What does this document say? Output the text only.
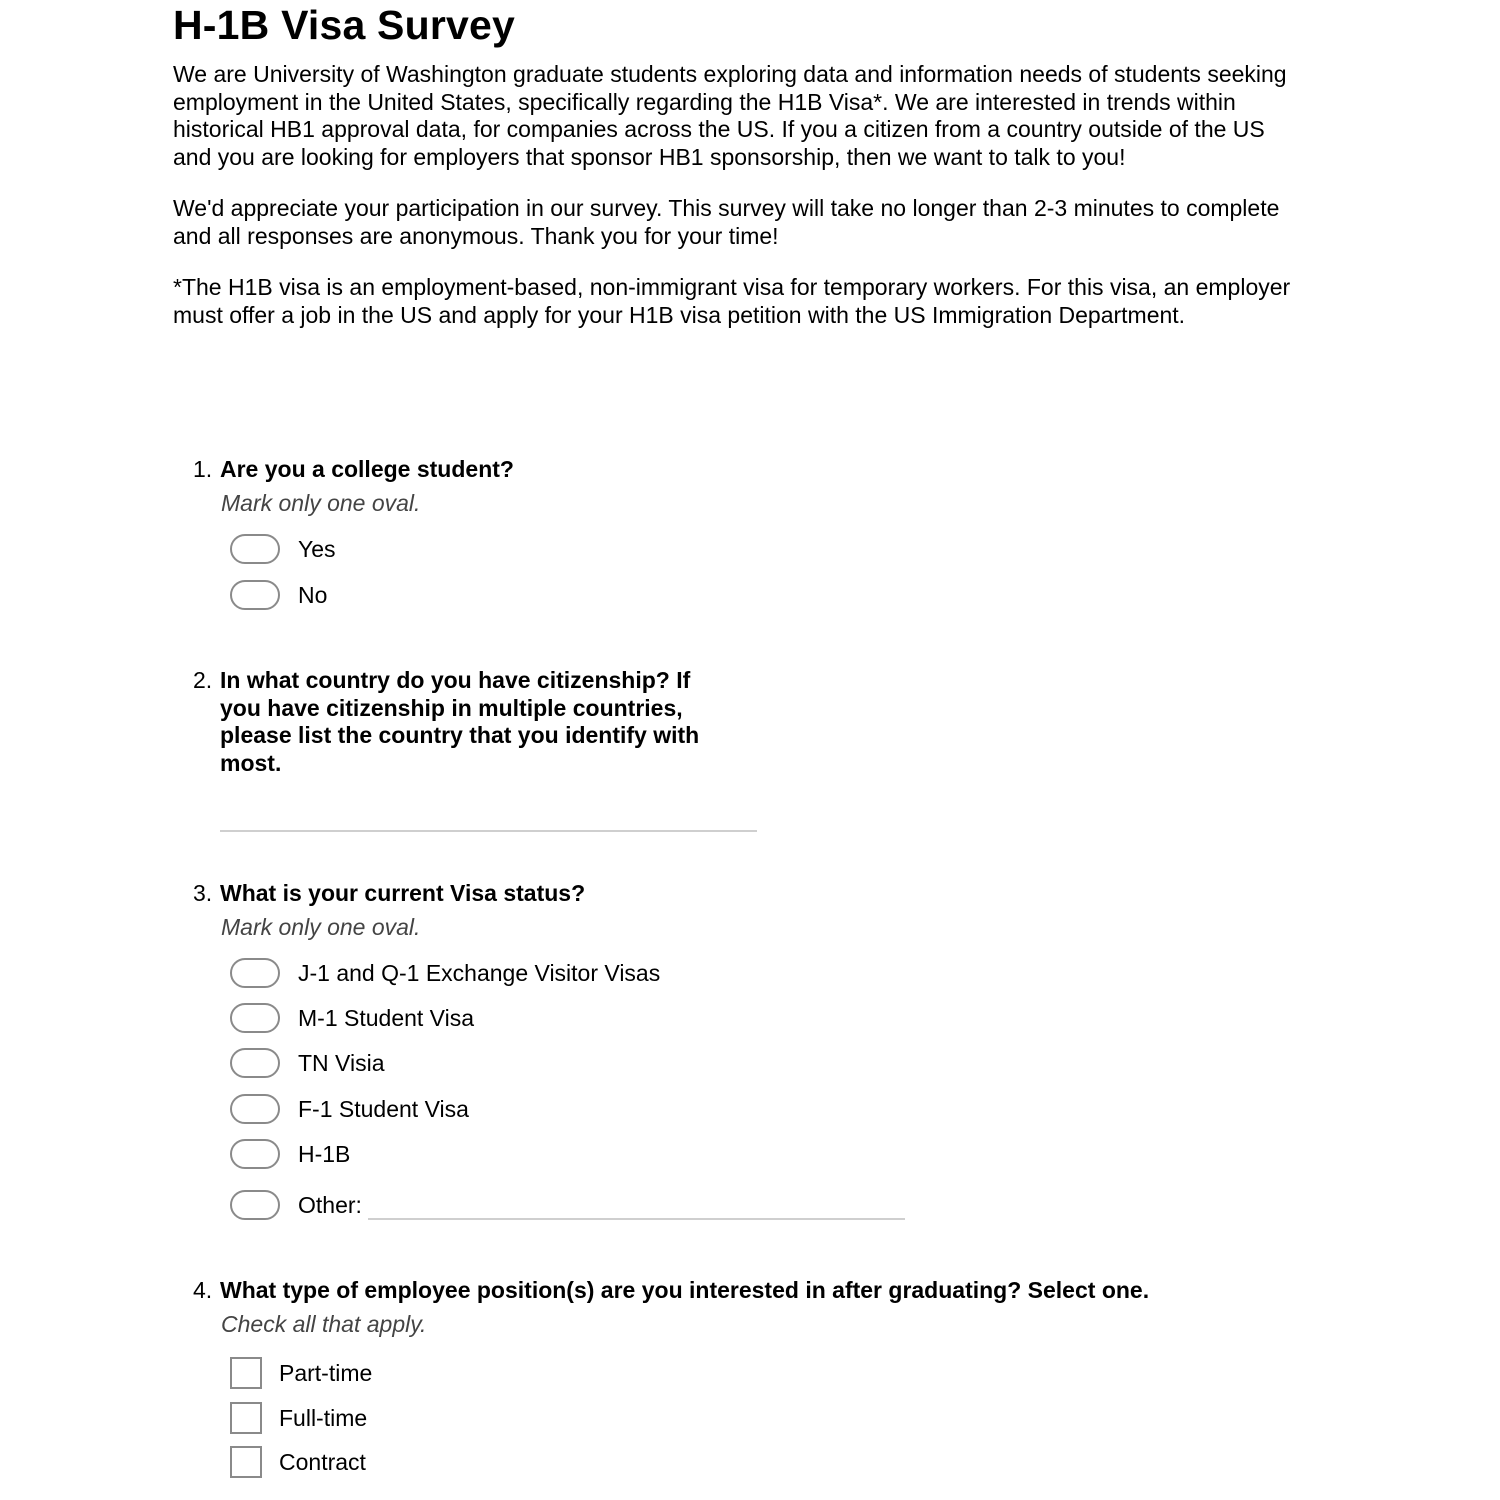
H-1B Visa Survey

We are University of Washington graduate students exploring data and information needs of students seeking employment in the United States, specifically regarding the H1B Visa*. We are interested in trends within historical HB1 approval data, for companies across the US. If you a citizen from a country outside of the US and you are looking for employers that sponsor HB1 sponsorship, then we want to talk to you!

We'd appreciate your participation in our survey. This survey will take no longer than 2-3 minutes to complete and all responses are anonymous. Thank you for your time!

*The H1B visa is an employment-based, non-immigrant visa for temporary workers. For this visa, an employer must offer a job in the US and apply for your H1B visa petition with the US Immigration Department.

1. Are you a college student?
Mark only one oval.
Yes
No
2. In what country do you have citizenship? If you have citizenship in multiple countries, please list the country that you identify with most.
3. What is your current Visa status?
Mark only one oval.
J-1 and Q-1 Exchange Visitor Visas
M-1 Student Visa
TN Visia
F-1 Student Visa
H-1B
Other:
4. What type of employee position(s) are you interested in after graduating? Select one.
Check all that apply.
Part-time
Full-time
Contract
